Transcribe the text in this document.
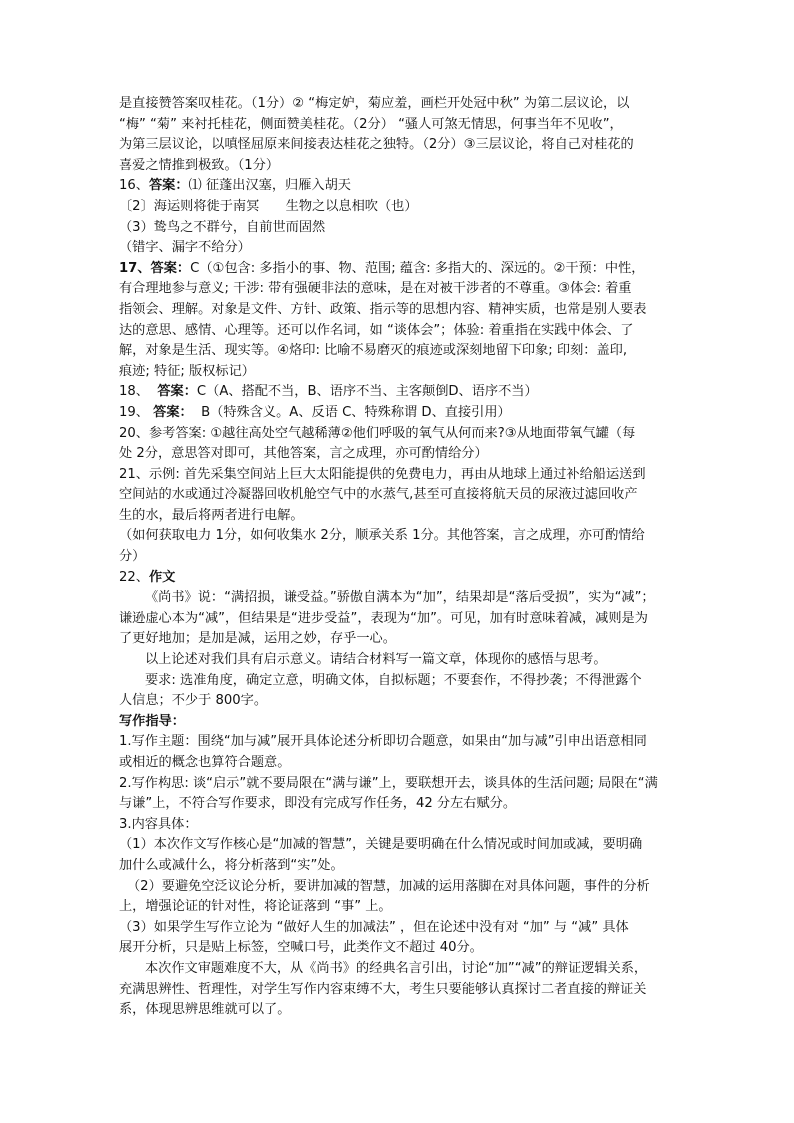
是直接赞答案叹桂花。（1分）② “梅定妒，菊应羞，画栏开处冠中秋” 为第二层议论，以

“梅” “菊” 来衬托桂花，侧面赞美桂花。（2分） “骚人可煞无情思，何事当年不见收”，

为第三层议论，以嗔怪屈原来间接表达桂花之独特。（2分）③三层议论，将自己对桂花的

喜爱之情推到极致。（1分）

16、答案：⑴ 征蓬出汉塞，归雁入胡天

〔2〕海运则将徙于南冥　　生物之以息相吹（也）

（3）鸷鸟之不群兮，自前世而固然

（错字、漏字不给分）

17、答案：C（①包含: 多指小的事、物、范围; 蕴含: 多指大的、深远的。②干预：中性，

有合理地参与意义; 干涉: 带有强硬非法的意味，是在对被干涉者的不尊重。③体会: 着重

指领会、理解。对象是文件、方针、政策、指示等的思想内容、精神实质，也常是别人要表

达的意思、感情、心理等。还可以作名词，如 “谈体会”；体验: 着重指在实践中体会、了

解，对象是生活、现实等。④烙印: 比喻不易磨灭的痕迹或深刻地留下印象; 印刻：盖印,

痕迹; 特征; 版权标记）

18、 答案：C（A、搭配不当，B、语序不当、主客颠倒D、语序不当）

19、 答案： B（特殊含义。A、反语 C、特殊称谓 D、直接引用）

20、参考答案: ①越往高处空气越稀薄②他们呼吸的氧气从何而来?③从地面带氧气罐（每

处 2分，意思答对即可，其他答案，言之成理，亦可酌情给分）

21、示例: 首先采集空间站上巨大太阳能提供的免费电力，再由从地球上通过补给船运送到

空间站的水或通过冷凝器回收机舱空气中的水蒸气,甚至可直接将航天员的尿液过滤回收产

生的水，最后将两者进行电解。

（如何获取电力 1分，如何收集水 2分，顺承关系 1分。其他答案，言之成理，亦可酌情给

分）

22、作文

《尚书》说：“满招损，谦受益。”骄傲自满本为“加”，结果却是“落后受损”，实为“减”；

谦逊虚心本为“减”，但结果是“进步受益”，表现为“加”。可见，加有时意味着减，减则是为

了更好地加；是加是减，运用之妙，存乎一心。

以上论述对我们具有启示意义。请结合材料写一篇文章，体现你的感悟与思考。

要求: 选准角度，确定立意，明确文体，自拟标题；不要套作，不得抄袭；不得泄露个

人信息；不少于 800字。

写作指导：

1.写作主题：围绕“加与减”展开具体论述分析即切合题意，如果由“加与减”引申出语意相同

或相近的概念也算符合题意。

2.写作构思: 谈“启示”就不要局限在“满与谦”上，要联想开去，谈具体的生活问题; 局限在“满

与谦”上，不符合写作要求，即没有完成写作任务，42 分左右赋分。

3.内容具体：

（1）本次作文写作核心是“加减的智慧”，关键是要明确在什么情况或时间加或减，要明确

加什么或减什么，将分析落到“实”处。

（2）要避免空泛议论分析，要讲加减的智慧，加减的运用落脚在对具体问题，事件的分析

上，增强论证的针对性，将论证落到 “事” 上。

（3）如果学生写作立论为 “做好人生的加减法” ，但在论述中没有对 “加” 与 “减” 具体

展开分析，只是贴上标签，空喊口号，此类作文不超过 40分。

本次作文审题难度不大，从《尚书》的经典名言引出，讨论“加”“减”的辩证逻辑关系，

充满思辨性、哲理性，对学生写作内容束缚不大，考生只要能够认真探讨二者直接的辩证关

系，体现思辨思维就可以了。
